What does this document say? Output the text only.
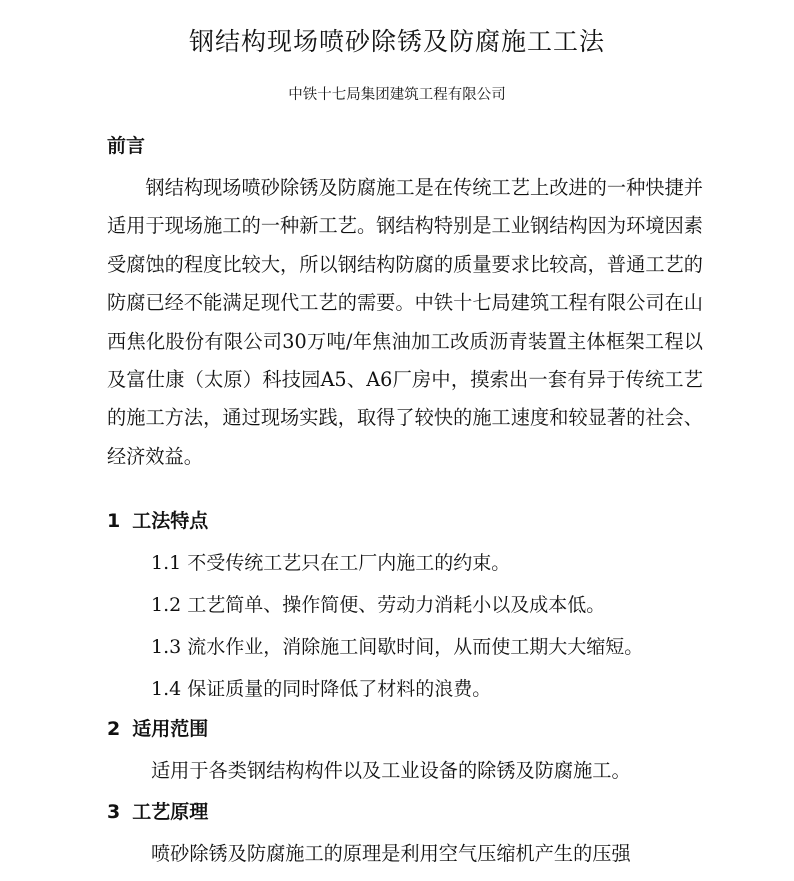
钢结构现场喷砂除锈及防腐施工工法
中铁十七局集团建筑工程有限公司
前言
钢结构现场喷砂除锈及防腐施工是在传统工艺上改进的一种快捷并适用于现场施工的一种新工艺。钢结构特别是工业钢结构因为环境因素受腐蚀的程度比较大，所以钢结构防腐的质量要求比较高，普通工艺的防腐已经不能满足现代工艺的需要。中铁十七局建筑工程有限公司在山西焦化股份有限公司30万吨/年焦油加工改质沥青装置主体框架工程以及富仕康（太原）科技园A5、A6厂房中，摸索出一套有异于传统工艺的施工方法，通过现场实践，取得了较快的施工速度和较显著的社会、经济效益。
1 工法特点
1.1 不受传统工艺只在工厂内施工的约束。
1.2 工艺简单、操作简便、劳动力消耗小以及成本低。
1.3 流水作业，消除施工间歇时间，从而使工期大大缩短。
1.4 保证质量的同时降低了材料的浪费。
2 适用范围
适用于各类钢结构构件以及工业设备的除锈及防腐施工。
3 工艺原理
喷砂除锈及防腐施工的原理是利用空气压缩机产生的压强
